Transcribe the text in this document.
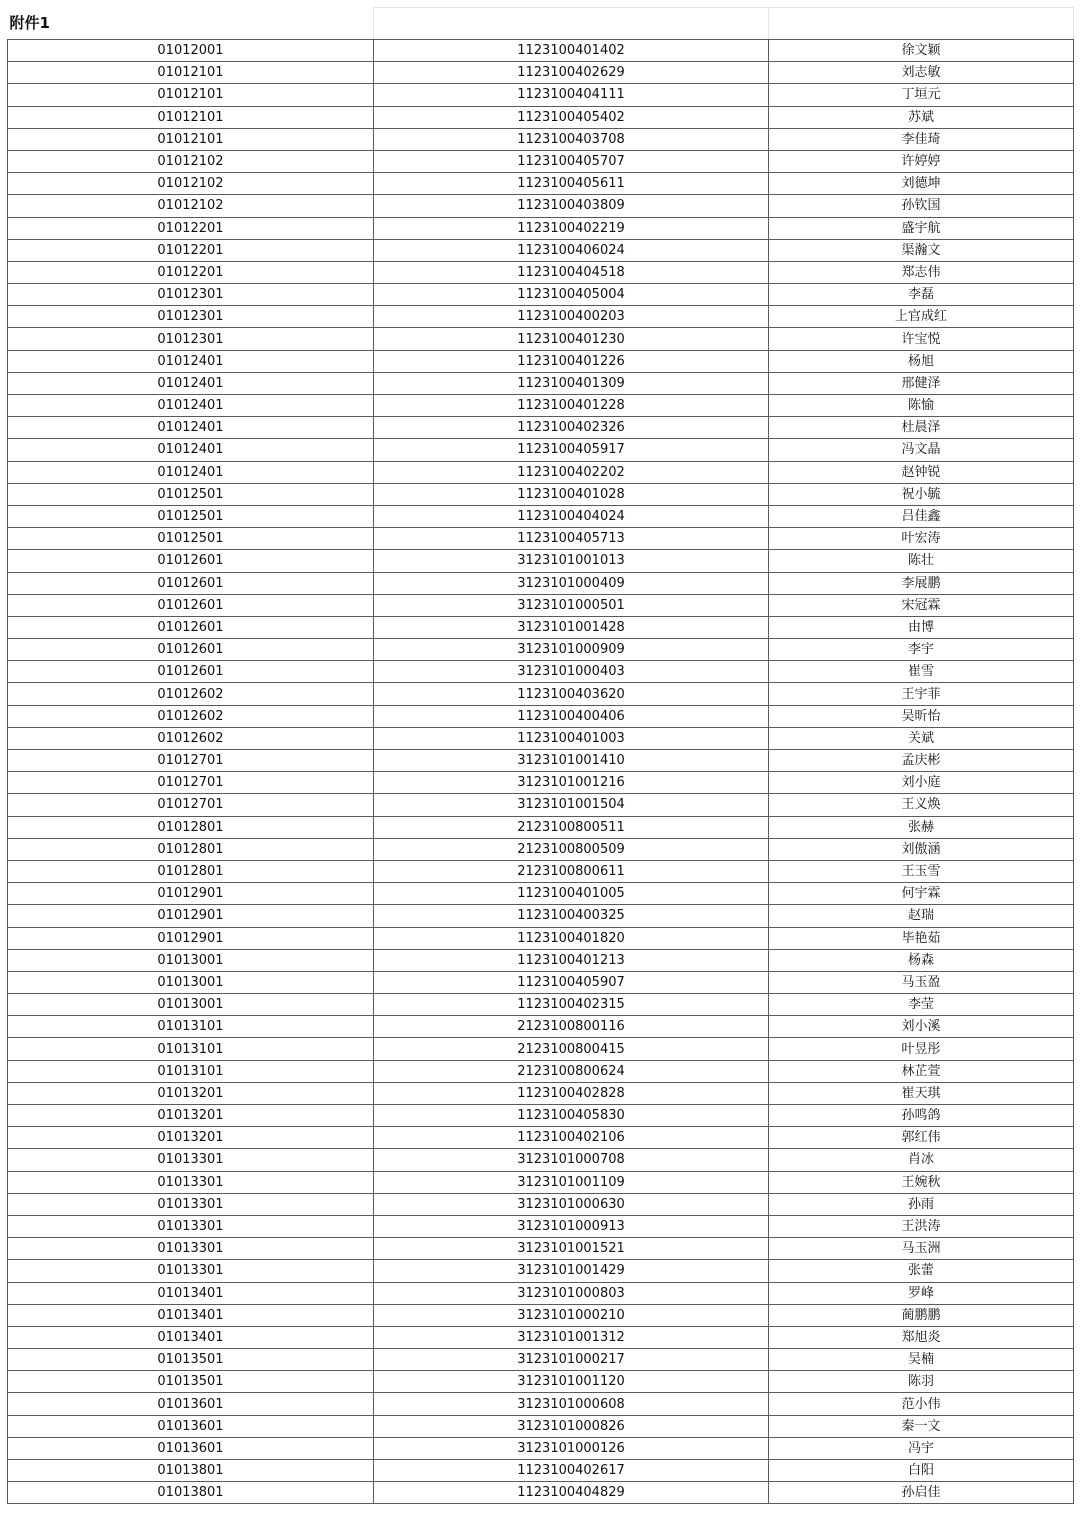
附件1		
01012001	1123100401402	徐文颖
01012101	1123100402629	刘志敏
01012101	1123100404111	丁垣元
01012101	1123100405402	苏斌
01012101	1123100403708	李佳琦
01012102	1123100405707	许婷婷
01012102	1123100405611	刘德坤
01012102	1123100403809	孙钦国
01012201	1123100402219	盛宇航
01012201	1123100406024	渠瀚文
01012201	1123100404518	郑志伟
01012301	1123100405004	李磊
01012301	1123100400203	上官成红
01012301	1123100401230	许宝悦
01012401	1123100401226	杨旭
01012401	1123100401309	邢健泽
01012401	1123100401228	陈愉
01012401	1123100402326	杜晨泽
01012401	1123100405917	冯文晶
01012401	1123100402202	赵钟锐
01012501	1123100401028	祝小毓
01012501	1123100404024	吕佳鑫
01012501	1123100405713	叶宏涛
01012601	3123101001013	陈壮
01012601	3123101000409	李展鹏
01012601	3123101000501	宋冠霖
01012601	3123101001428	由博
01012601	3123101000909	李宇
01012601	3123101000403	崔雪
01012602	1123100403620	王宇菲
01012602	1123100400406	吴昕怡
01012602	1123100401003	关斌
01012701	3123101001410	孟庆彬
01012701	3123101001216	刘小庭
01012701	3123101001504	王义焕
01012801	2123100800511	张赫
01012801	2123100800509	刘傲涵
01012801	2123100800611	王玉雪
01012901	1123100401005	何宇霖
01012901	1123100400325	赵瑞
01012901	1123100401820	毕艳茹
01013001	1123100401213	杨森
01013001	1123100405907	马玉盈
01013001	1123100402315	李莹
01013101	2123100800116	刘小溪
01013101	2123100800415	叶昱彤
01013101	2123100800624	林芷萱
01013201	1123100402828	崔天琪
01013201	1123100405830	孙鸣鸽
01013201	1123100402106	郭红伟
01013301	3123101000708	肖冰
01013301	3123101001109	王婉秋
01013301	3123101000630	孙雨
01013301	3123101000913	王洪涛
01013301	3123101001521	马玉洲
01013301	3123101001429	张蕾
01013401	3123101000803	罗峰
01013401	3123101000210	蔺鹏鹏
01013401	3123101001312	郑旭炎
01013501	3123101000217	吴楠
01013501	3123101001120	陈羽
01013601	3123101000608	范小伟
01013601	3123101000826	秦一文
01013601	3123101000126	冯宇
01013801	1123100402617	白阳
01013801	1123100404829	孙启佳
